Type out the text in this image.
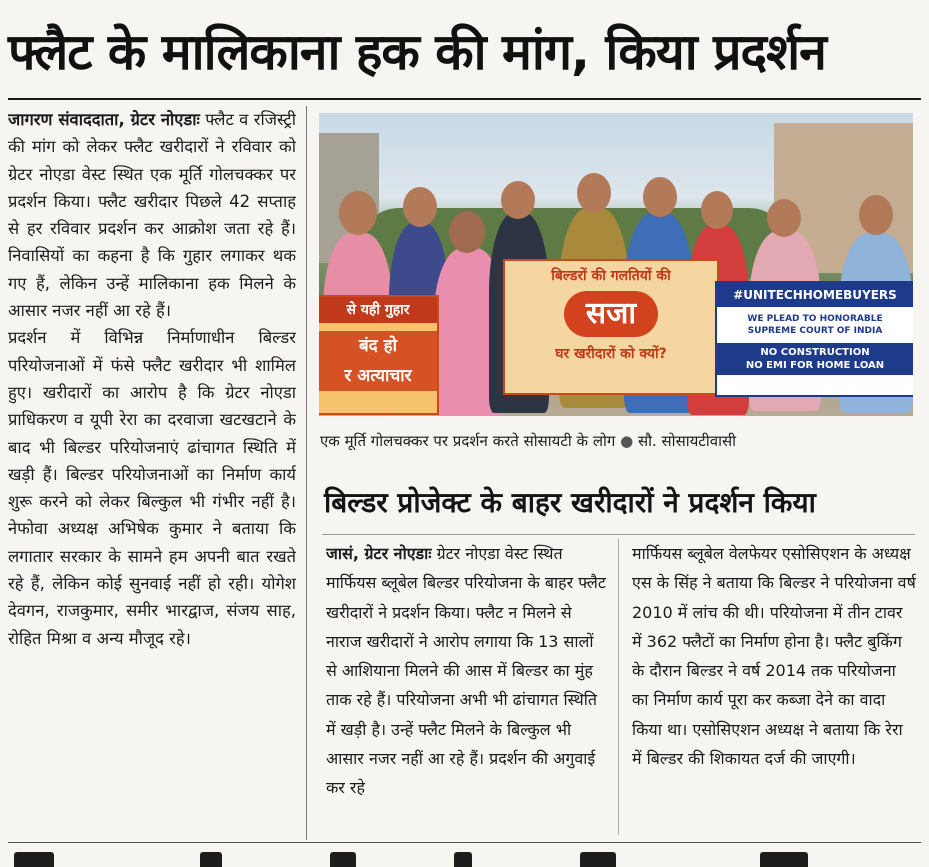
फ्लैट के मालिकाना हक की मांग, किया प्रदर्शन

जागरण संवाददाता, ग्रेटर नोएडाः फ्लैट व रजिस्ट्री की मांग को लेकर फ्लैट खरीदारों ने रविवार को ग्रेटर नोएडा वेस्ट स्थित एक मूर्ति गोलचक्कर पर प्रदर्शन किया। फ्लैट खरीदार पिछले 42 सप्ताह से हर रविवार प्रदर्शन कर आक्रोश जता रहे हैं। निवासियों का कहना है कि गुहार लगाकर थक गए हैं, लेकिन उन्हें मालिकाना हक मिलने के आसार नजर नहीं आ रहे हैं।

प्रदर्शन में विभिन्न निर्माणाधीन बिल्डर परियोजनाओं में फंसे फ्लैट खरीदार भी शामिल हुए। खरीदारों का आरोप है कि ग्रेटर नोएडा प्राधिकरण व यूपी रेरा का दरवाजा खटखटाने के बाद भी बिल्डर परियोजनाएं ढांचागत स्थिति में खड़ी हैं। बिल्डर परियोजनाओं का निर्माण कार्य शुरू करने को लेकर बिल्कुल भी गंभीर नहीं है। नेफोवा अध्यक्ष अभिषेक कुमार ने बताया कि लगातार सरकार के सामने हम अपनी बात रखते रहे हैं, लेकिन कोई सुनवाई नहीं हो रही। योगेश देवगन, राजकुमार, समीर भारद्वाज, संजय साह, रोहित मिश्रा व अन्य मौजूद रहे।

से यही गुहार
बंद हो
र अत्याचार
बिल्डरों की गलतियों की
सजा
घर खरीदारों को क्यों?
#UNITECHHOMEBUYERS
WE PLEAD TO HONORABLE
SUPREME COURT OF INDIA
NO CONSTRUCTION
NO EMI FOR HOME LOAN
एक मूर्ति गोलचक्कर पर प्रदर्शन करते सोसायटी के लोग ● सौ. सोसायटीवासी
बिल्डर प्रोजेक्ट के बाहर खरीदारों ने प्रदर्शन किया

जासं, ग्रेटर नोएडाः ग्रेटर नोएडा वेस्ट स्थित मार्फियस ब्लूबेल बिल्डर परियोजना के बाहर फ्लैट खरीदारों ने प्रदर्शन किया। फ्लैट न मिलने से नाराज खरीदारों ने आरोप लगाया कि 13 सालों से आशियाना मिलने की आस में बिल्डर का मुंह ताक रहे हैं। परियोजना अभी भी ढांचागत स्थिति में खड़ी है। उन्हें फ्लैट मिलने के बिल्कुल भी आसार नजर नहीं आ रहे हैं। प्रदर्शन की अगुवाई कर रहे

मार्फियस ब्लूबेल वेलफेयर एसोसिएशन के अध्यक्ष एस के सिंह ने बताया कि बिल्डर ने परियोजना वर्ष 2010 में लांच की थी। परियोजना में तीन टावर में 362 फ्लैटों का निर्माण होना है। फ्लैट बुकिंग के दौरान बिल्डर ने वर्ष 2014 तक परियोजना का निर्माण कार्य पूरा कर कब्जा देने का वादा किया था। एसोसिएशन अध्यक्ष ने बताया कि रेरा में बिल्डर की शिकायत दर्ज की जाएगी।
